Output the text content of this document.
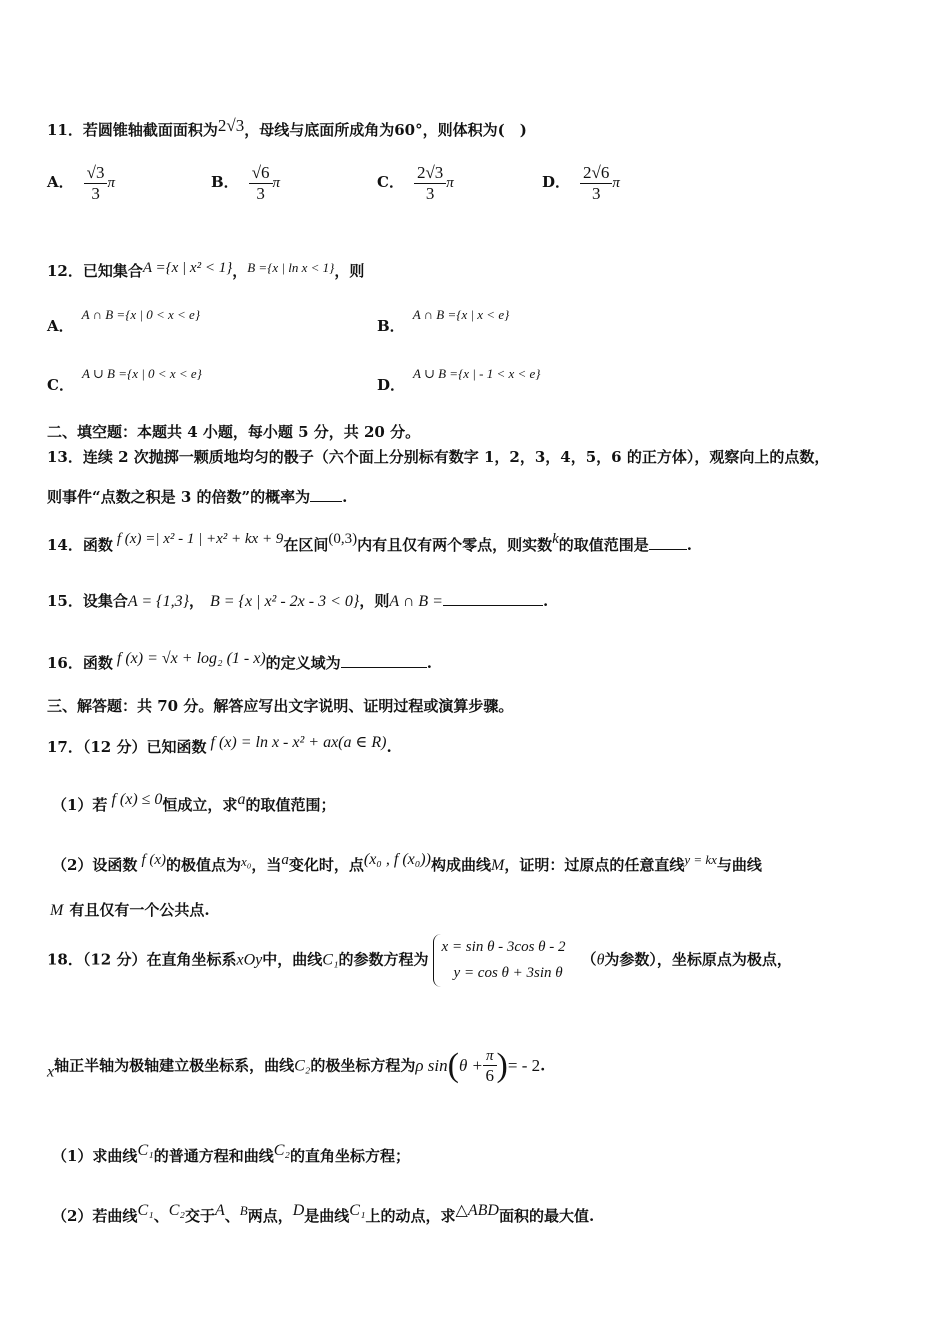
11．若圆锥轴截面面积为2√3，母线与底面所成角为60°，则体积为(　)
A． $\frac{√3}{3}$ π	B． $\frac{√6}{3}$ π	C． $\frac{2√3}{3}$ π	D． $\frac{2√6}{3}$ π
12．已知集合A ={x | x² < 1}，B ={x | ln x < 1}，则
A．A ∩ B ={x | 0 < x < e}
B．A ∩ B ={x | x < e}
C．A ∪ B ={x | 0 < x < e}
D．A ∪ B ={x | - 1 < x < e}
二、填空题：本题共 4 小题，每小题 5 分，共 20 分。
13．连续 2 次抛掷一颗质地均匀的骰子（六个面上分别标有数字 1，2，3，4，5，6 的正方体），观察向上的点数，
则事件“点数之积是 3 的倍数”的概率为 .
14．函数 f (x) =| x² - 1 | +x² + kx + 9在区间(0,3)内有且仅有两个零点，则实数k的取值范围是	.
15．设集合A = {1,3}， B = {x | x² - 2x - 3 < 0}，则A ∩ B =	.
16．函数 f (x) = √x + log₂ (1 - x)的定义域为	.
三、解答题：共 70 分。解答应写出文字说明、证明过程或演算步骤。
17．（12 分）已知函数 f (x) = ln x - x² + ax(a ∈ R).
（1）若 f (x) ≤ 0恒成立，求a的取值范围；
（2）设函数 f (x)的极值点为x₀，当a变化时，点(x₀ , f (x₀))构成曲线M，证明：过原点的任意直线y = kx与曲线
M 有且仅有一个公共点.
18．（12 分）在直角坐标系xOy中，曲线C₁的参数方程为
x = sin θ - 3cos θ - 2
y = cos θ + 3sin θ
（θ为参数），坐标原点为极点，
x轴正半轴为极轴建立极坐标系，曲线C₂的极坐标方程为ρ $\sin(\theta + \frac{\pi}{6}$ )= - 2.
（1）求曲线C₁的普通方程和曲线C₂的直角坐标方程；
（2）若曲线C₁、C₂交于A、B两点，D是曲线C₁上的动点，求△ABD面积的最大值.
